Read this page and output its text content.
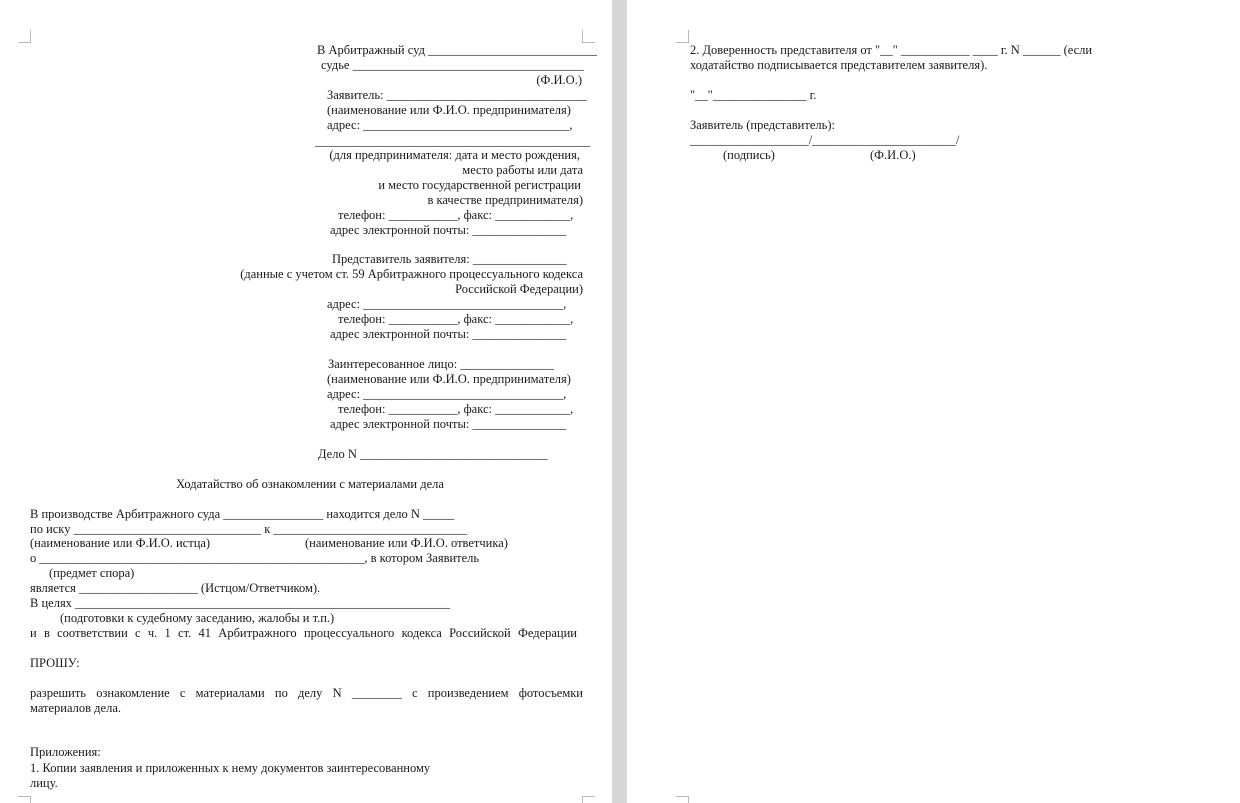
В Арбитражный суд ___________________________
судье _____________________________________
(Ф.И.О.)
Заявитель: ________________________________
(наименование или Ф.И.О. предпринимателя)
адрес: _________________________________,
____________________________________________
(для предпринимателя: дата и место рождения,
место работы или дата
и место государственной регистрации
в качестве предпринимателя)
телефон: ___________, факс: ____________,
адрес электронной почты: _______________
Представитель заявителя: _______________
(данные с учетом ст. 59 Арбитражного процессуального кодекса
Российской Федерации)
адрес: ________________________________,
телефон: ___________, факс: ____________,
адрес электронной почты: _______________
Заинтересованное лицо: _______________
(наименование или Ф.И.О. предпринимателя)
адрес: ________________________________,
телефон: ___________, факс: ____________,
адрес электронной почты: _______________
Дело N ______________________________
Ходатайство об ознакомлении с материалами дела
В производстве Арбитражного суда ________________ находится дело N _____
по иску ______________________________ к _______________________________
(наименование или Ф.И.О. истца)	(наименование или Ф.И.О. ответчика)
о ____________________________________________________, в котором Заявитель
(предмет спора)
является ___________________ (Истцом/Ответчиком).
В целях ____________________________________________________________
(подготовки к судебному заседанию, жалобы и т.п.)
и в соответствии с ч. 1 ст. 41 Арбитражного процессуального кодекса Российской Федерации
ПРОШУ:
разрешить ознакомление с материалами по делу N ________ с произведением фотосъемки
материалов дела.
Приложения:
1. Копии заявления и приложенных к нему документов заинтересованному
лицу.
2. Доверенность представителя от "__" ___________ ____ г. N ______ (если
ходатайство подписывается представителем заявителя).
"__"_______________ г.
Заявитель (представитель):
___________________/_______________________/
(подпись)	(Ф.И.О.)
